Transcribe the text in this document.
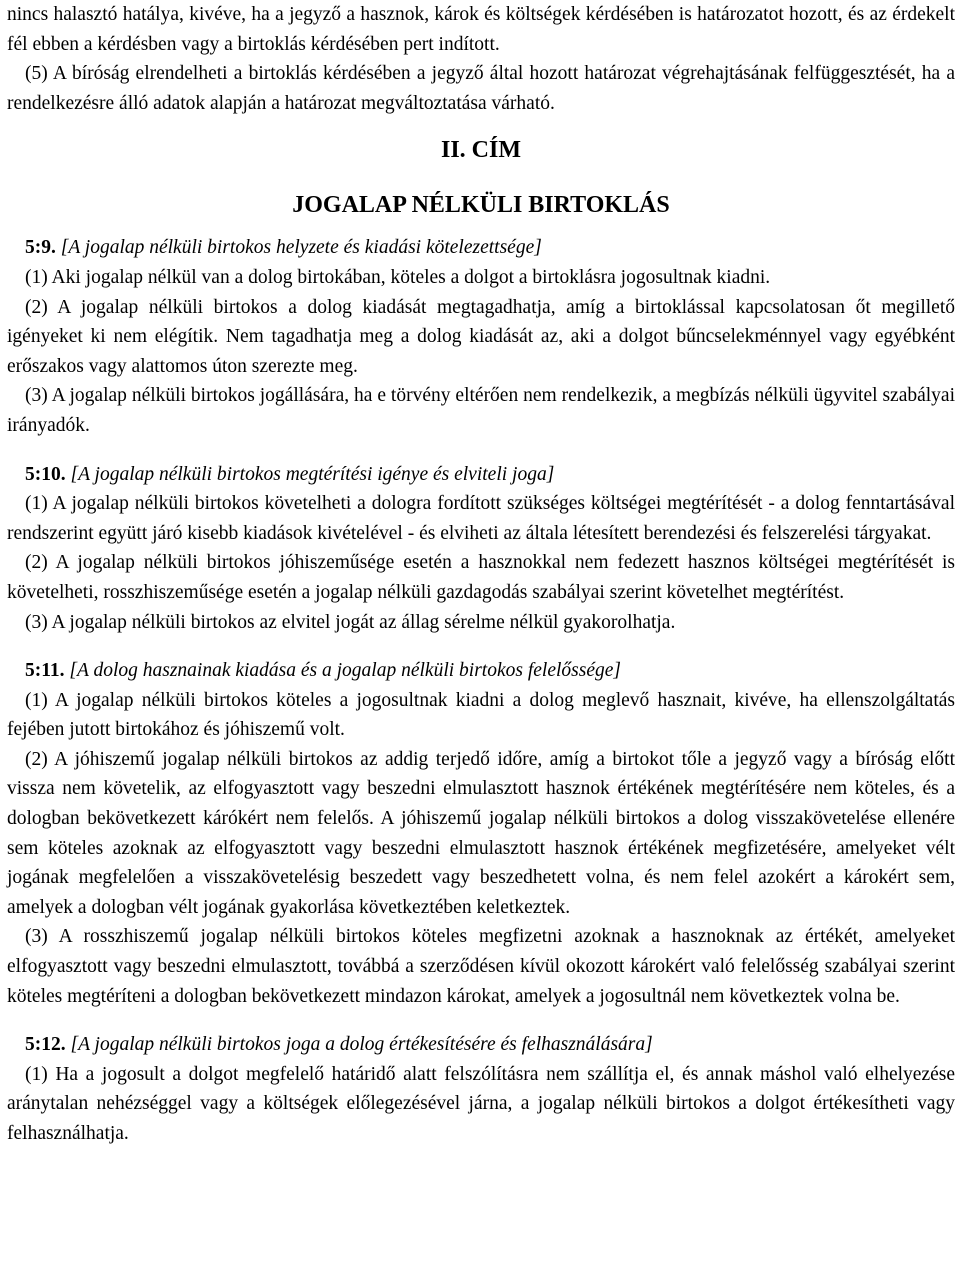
nincs halasztó hatálya, kivéve, ha a jegyző a hasznok, károk és költségek kérdésében is határozatot hozott, és az érdekelt fél ebben a kérdésben vagy a birtoklás kérdésében pert indított.

(5) A bíróság elrendelheti a birtoklás kérdésében a jegyző által hozott határozat végrehajtásának felfüggesztését, ha a rendelkezésre álló adatok alapján a határozat megváltoztatása várható.

II. CÍM

JOGALAP NÉLKÜLI BIRTOKLÁS

5:9. [A jogalap nélküli birtokos helyzete és kiadási kötelezettsége]

(1) Aki jogalap nélkül van a dolog birtokában, köteles a dolgot a birtoklásra jogosultnak kiadni.

(2) A jogalap nélküli birtokos a dolog kiadását megtagadhatja, amíg a birtoklással kapcsolatosan őt megillető igényeket ki nem elégítik. Nem tagadhatja meg a dolog kiadását az, aki a dolgot bűncselekménnyel vagy egyébként erőszakos vagy alattomos úton szerezte meg.

(3) A jogalap nélküli birtokos jogállására, ha e törvény eltérően nem rendelkezik, a megbízás nélküli ügyvitel szabályai irányadók.

5:10. [A jogalap nélküli birtokos megtérítési igénye és elviteli joga]

(1) A jogalap nélküli birtokos követelheti a dologra fordított szükséges költségei megtérítését - a dolog fenntartásával rendszerint együtt járó kisebb kiadások kivételével - és elviheti az általa létesített berendezési és felszerelési tárgyakat.

(2) A jogalap nélküli birtokos jóhiszeműsége esetén a hasznokkal nem fedezett hasznos költségei megtérítését is követelheti, rosszhiszeműsége esetén a jogalap nélküli gazdagodás szabályai szerint követelhet megtérítést.

(3) A jogalap nélküli birtokos az elvitel jogát az állag sérelme nélkül gyakorolhatja.

5:11. [A dolog hasznainak kiadása és a jogalap nélküli birtokos felelőssége]

(1) A jogalap nélküli birtokos köteles a jogosultnak kiadni a dolog meglevő hasznait, kivéve, ha ellenszolgáltatás fejében jutott birtokához és jóhiszemű volt.

(2) A jóhiszemű jogalap nélküli birtokos az addig terjedő időre, amíg a birtokot tőle a jegyző vagy a bíróság előtt vissza nem követelik, az elfogyasztott vagy beszedni elmulasztott hasznok értékének megtérítésére nem köteles, és a dologban bekövetkezett kárókért nem felelős. A jóhiszemű jogalap nélküli birtokos a dolog visszakövetelése ellenére sem köteles azoknak az elfogyasztott vagy beszedni elmulasztott hasznok értékének megfizetésére, amelyeket vélt jogának megfelelően a visszakövetelésig beszedett vagy beszedhetett volna, és nem felel azokért a károkért sem, amelyek a dologban vélt jogának gyakorlása következtében keletkeztek.

(3) A rosszhiszemű jogalap nélküli birtokos köteles megfizetni azoknak a hasznoknak az értékét, amelyeket elfogyasztott vagy beszedni elmulasztott, továbbá a szerződésen kívül okozott károkért való felelősség szabályai szerint köteles megtéríteni a dologban bekövetkezett mindazon károkat, amelyek a jogosultnál nem következtek volna be.

5:12. [A jogalap nélküli birtokos joga a dolog értékesítésére és felhasználására]

(1) Ha a jogosult a dolgot megfelelő határidő alatt felszólításra nem szállítja el, és annak máshol való elhelyezése aránytalan nehézséggel vagy a költségek előlegezésével járna, a jogalap nélküli birtokos a dolgot értékesítheti vagy felhasználhatja.
